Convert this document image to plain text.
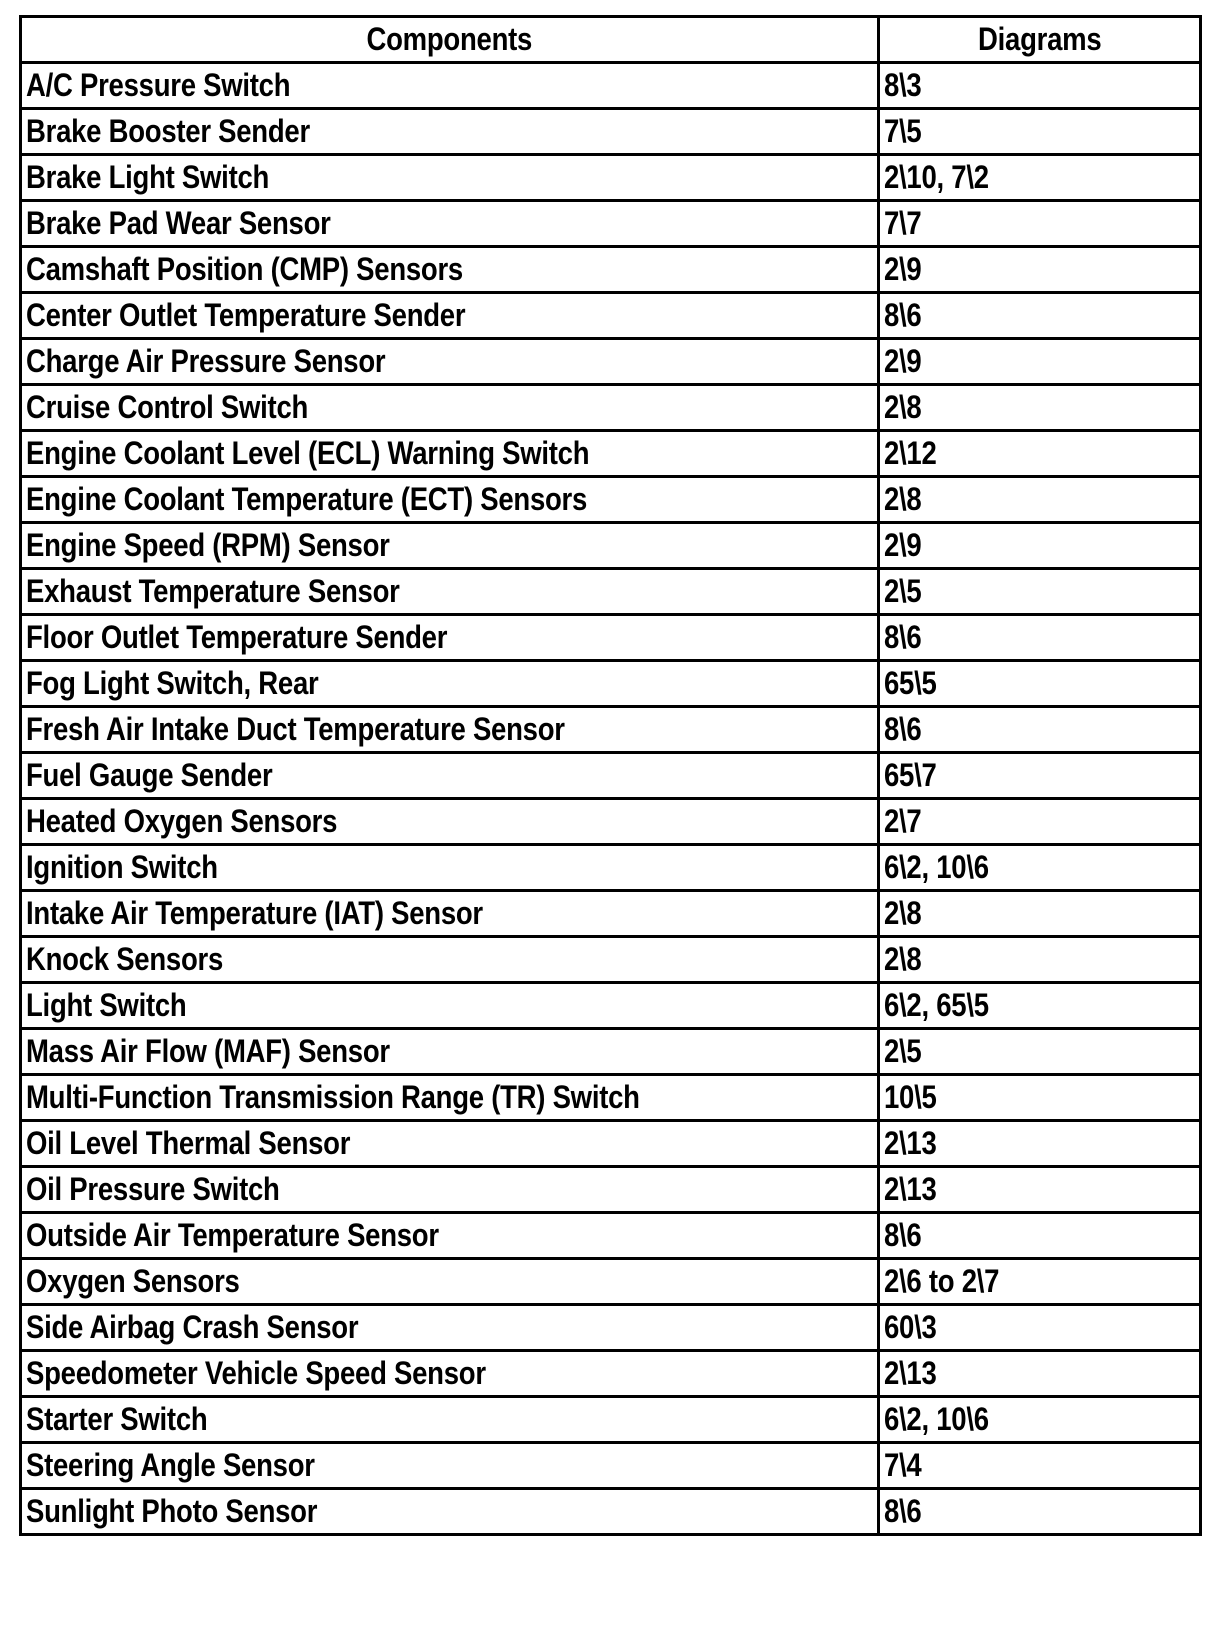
Components	Diagrams
A/C Pressure Switch	8\3
Brake Booster Sender	7\5
Brake Light Switch	2\10, 7\2
Brake Pad Wear Sensor	7\7
Camshaft Position (CMP) Sensors	2\9
Center Outlet Temperature Sender	8\6
Charge Air Pressure Sensor	2\9
Cruise Control Switch	2\8
Engine Coolant Level (ECL) Warning Switch	2\12
Engine Coolant Temperature (ECT) Sensors	2\8
Engine Speed (RPM) Sensor	2\9
Exhaust Temperature Sensor	2\5
Floor Outlet Temperature Sender	8\6
Fog Light Switch, Rear	65\5
Fresh Air Intake Duct Temperature Sensor	8\6
Fuel Gauge Sender	65\7
Heated Oxygen Sensors	2\7
Ignition Switch	6\2, 10\6
Intake Air Temperature (IAT) Sensor	2\8
Knock Sensors	2\8
Light Switch	6\2, 65\5
Mass Air Flow (MAF) Sensor	2\5
Multi-Function Transmission Range (TR) Switch	10\5
Oil Level Thermal Sensor	2\13
Oil Pressure Switch	2\13
Outside Air Temperature Sensor	8\6
Oxygen Sensors	2\6 to 2\7
Side Airbag Crash Sensor	60\3
Speedometer Vehicle Speed Sensor	2\13
Starter Switch	6\2, 10\6
Steering Angle Sensor	7\4
Sunlight Photo Sensor	8\6
